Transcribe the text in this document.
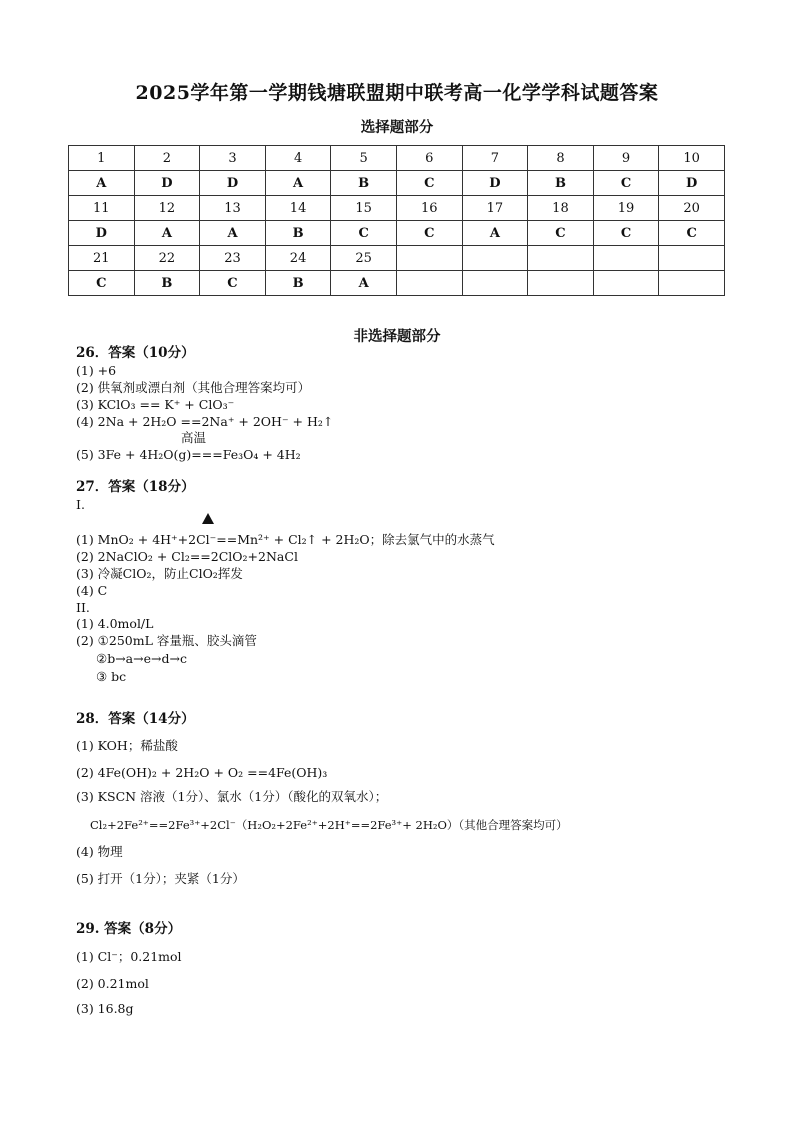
2025学年第一学期钱塘联盟期中联考高一化学学科试题答案
选择题部分
1	2	3	4	5	6	7	8	9	10
A	D	D	A	B	C	D	B	C	D
11	12	13	14	15	16	17	18	19	20
D	A	A	B	C	C	A	C	C	C
21	22	23	24	25					
C	B	C	B	A					
非选择题部分
26．答案（10分）
(1) +6
(2) 供氧剂或漂白剂（其他合理答案均可）
(3) KClO₃ == K⁺ + ClO₃⁻
(4) 2Na + 2H₂O ==2Na⁺ + 2OH⁻ + H₂↑
高温
(5) 3Fe + 4H₂O(g)===Fe₃O₄ + 4H₂
27．答案（18分）
I.
(1) MnO₂ + 4H⁺+2Cl⁻==Mn²⁺ + Cl₂↑ + 2H₂O；除去氯气中的水蒸气
(2) 2NaClO₂ + Cl₂==2ClO₂+2NaCl
(3) 冷凝ClO₂，防止ClO₂挥发
(4) C
II.
(1) 4.0mol/L
(2) ①250mL 容量瓶、胶头滴管
②b→a→e→d→c
③ bc
28．答案（14分）
(1) KOH；稀盐酸
(2) 4Fe(OH)₂ + 2H₂O + O₂ ==4Fe(OH)₃
(3) KSCN 溶液（1分）、氯水（1分）（酸化的双氧水）；
Cl₂+2Fe²⁺==2Fe³⁺+2Cl⁻（H₂O₂+2Fe²⁺+2H⁺==2Fe³⁺+ 2H₂O）（其他合理答案均可）
(4) 物理
(5) 打开（1分）；夹紧（1分）
29. 答案（8分）
(1) Cl⁻；0.21mol
(2) 0.21mol
(3) 16.8g
